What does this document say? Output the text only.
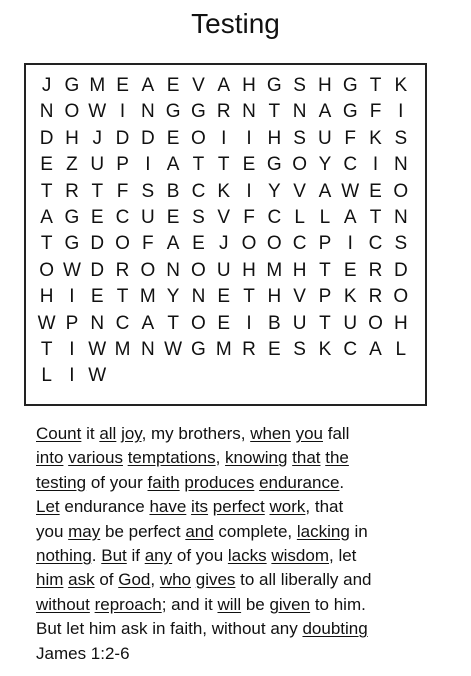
Testing
J G M E A E V A H G S H G T K
N O W I N G G R N T N A G F I
D H J D D E O I	I H S U F K S
E Z U P I A T T E G O Y C I N
T R T F S B C K I Y V A W E O
A G E C U E S V F C L L A T N
T G D O F A E J O O C P I C S
O W D R O N O U H M H T E R D
H I E T M Y N E T H V P K R O
W P N C A T O E I B U T U O H
T I W M N W G M R E S K C A L
L I W
Count it all joy, my brothers, when you fall
into various temptations, knowing that the
testing of your faith produces endurance.
Let endurance have its perfect work, that
you may be perfect and complete, lacking in
nothing. But if any of you lacks wisdom, let
him ask of God, who gives to all liberally and
without reproach; and it will be given to him.
But let him ask in faith, without any doubting
James 1:2-6
